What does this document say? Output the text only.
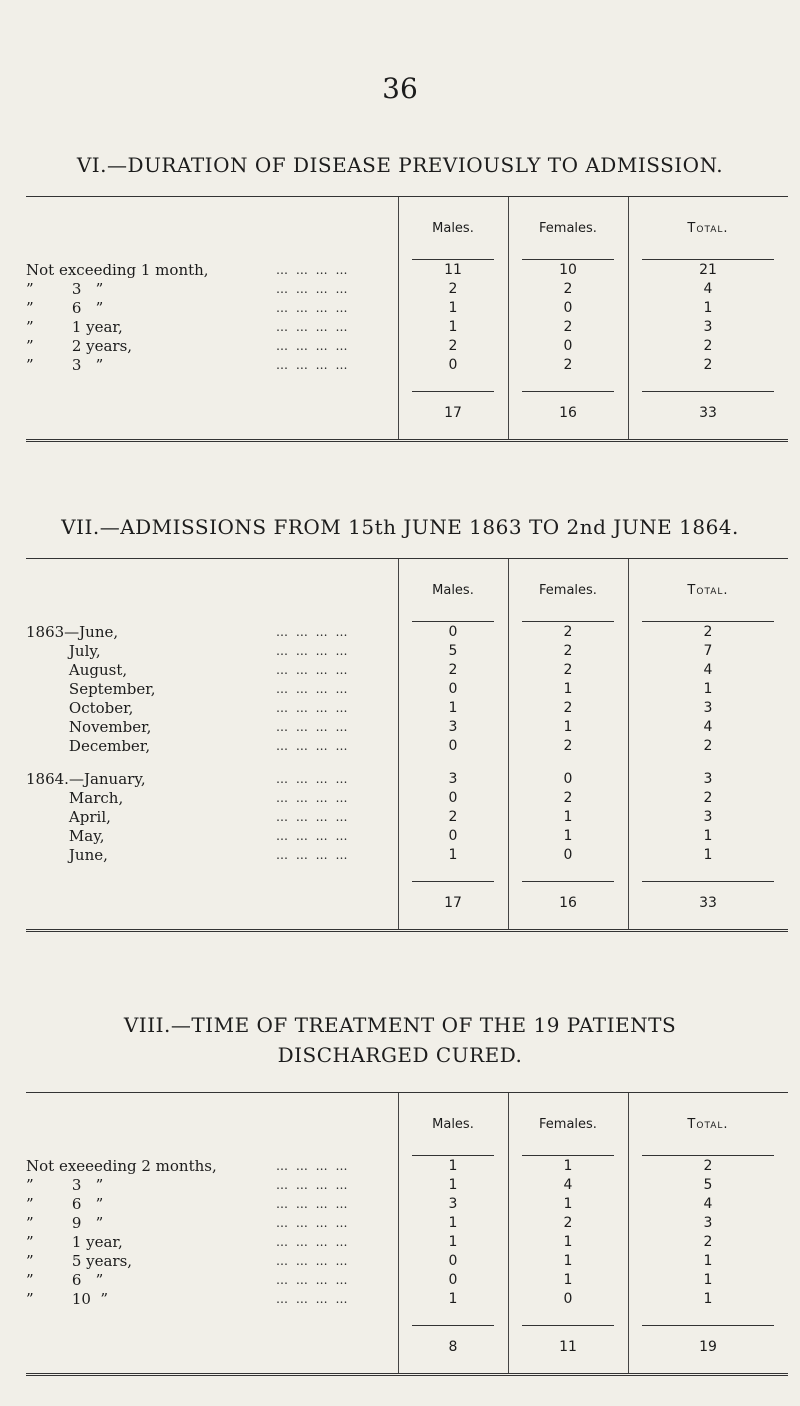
36
VI.—DURATION OF DISEASE PREVIOUSLY TO ADMISSION.
Males.	Females.	Total.
Not exceeding 1 month,	… … … …	11	10	21
”        3   ”	… … … …	2	2	4
”        6   ”	… … … …	1	0	1
”        1 year,	… … … …	1	2	3
”        2 years,	… … … …	2	0	2
”        3   ”	… … … …	0	2	2
17	16	33
VII.—ADMISSIONS FROM 15th JUNE 1863 TO 2nd JUNE 1864.
Males.	Females.	Total.
1863—June,	… … … …	0	2	2
July,	… … … …	5	2	7
August,	… … … …	2	2	4
September,	… … … …	0	1	1
October,	… … … …	1	2	3
November,	… … … …	3	1	4
December,	… … … …	0	2	2
1864.—January,	… … … …	3	0	3
March,	… … … …	0	2	2
April,	… … … …	2	1	3
May,	… … … …	0	1	1
June,	… … … …	1	0	1
17	16	33
VIII.—TIME OF TREATMENT OF THE 19 PATIENTS DISCHARGED CURED.
Males.	Females.	Total.
Not exeeeding 2 months,	… … … …	1	1	2
”        3   ”	… … … …	1	4	5
”        6   ”	… … … …	3	1	4
”        9   ”	… … … …	1	2	3
”        1 year,	… … … …	1	1	2
”        5 years,	… … … …	0	1	1
”        6   ”	… … … …	0	1	1
”        10  ”	… … … …	1	0	1
8	11	19
